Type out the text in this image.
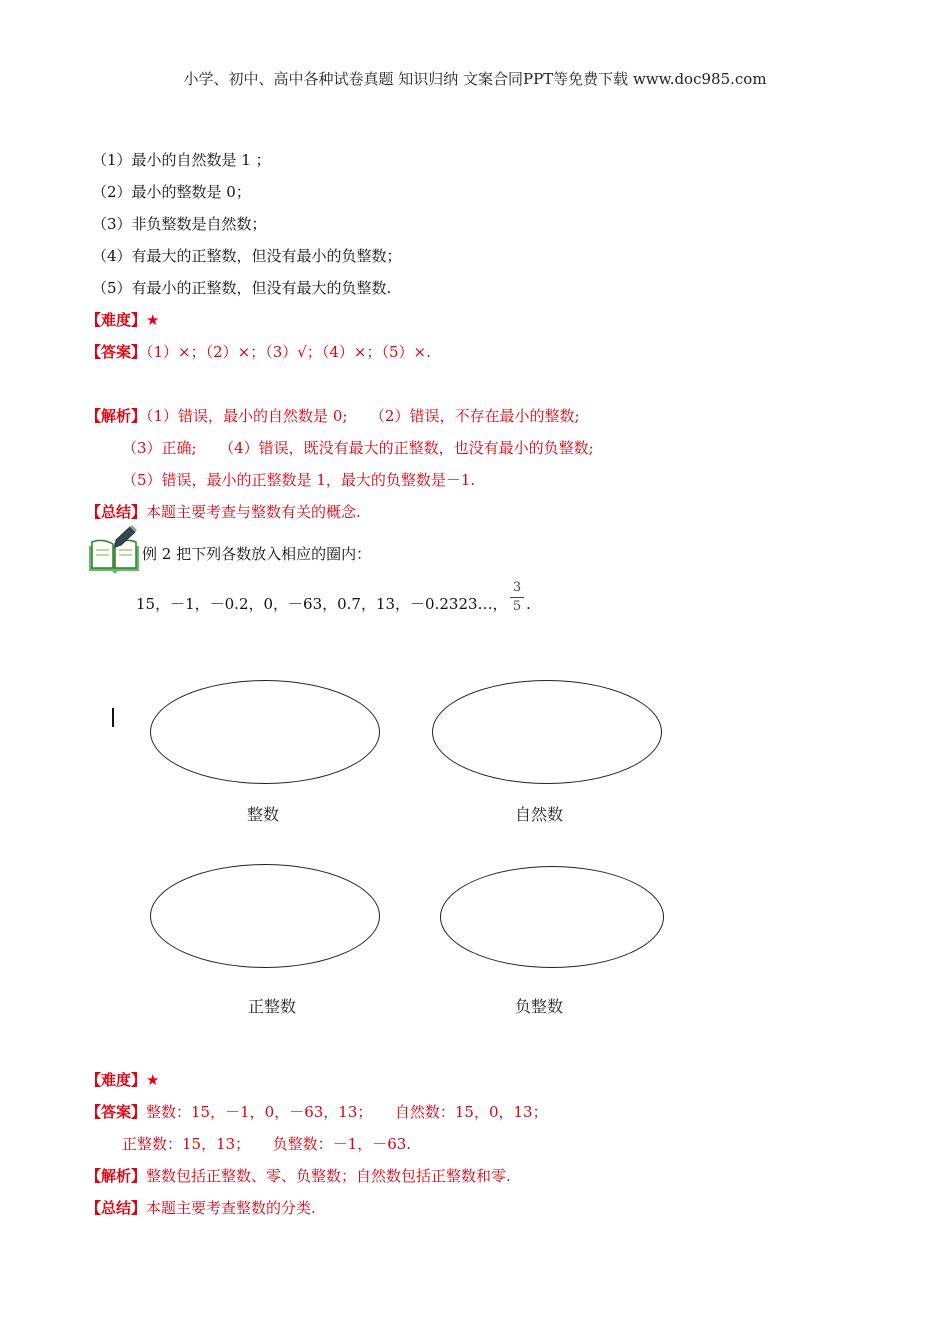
小学、初中、高中各种试卷真题 知识归纳 文案合同PPT等免费下载 www.doc985.com
（1）最小的自然数是 1 ；
（2）最小的整数是 0；
（3）非负整数是自然数；
（4）有最大的正整数，但没有最小的负整数；
（5）有最小的正整数，但没有最大的负整数.
【难度】★
【答案】（1）×；（2）×；（3）√；（4）×；（5）×.
【解析】（1）错误，最小的自然数是 0;　　（2）错误，不存在最小的整数;
（3）正确;　　（4）错误，既没有最大的正整数，也没有最小的负整数;
（5）错误，最小的正整数是 1，最大的负整数是－1.
【总结】本题主要考查与整数有关的概念.
例 2 把下列各数放入相应的圈内：
15，－1，－0.2，0，－63，0.7，13，－0.2323…，
3
5 .
整数	自然数
正整数	负整数
【难度】★
【答案】整数：15，－1，0，－63，13；　　自然数：15，0，13；
正整数：15，13；　　负整数：－1，－63.
【解析】整数包括正整数、零、负整数；自然数包括正整数和零.
【总结】本题主要考查整数的分类.
